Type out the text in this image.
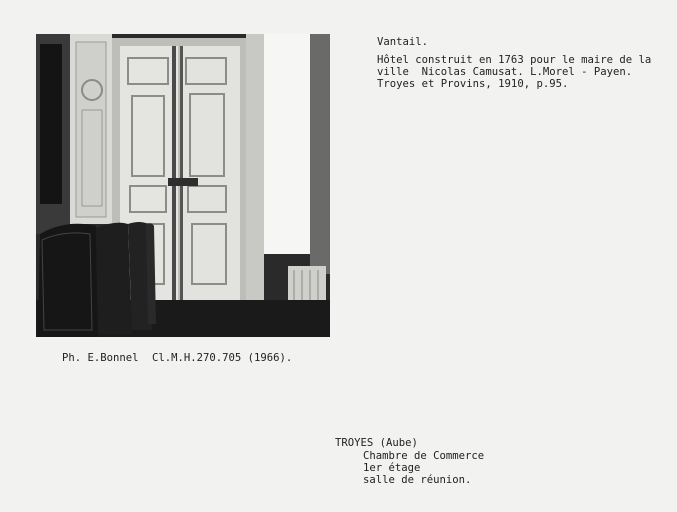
Vantail.
Hôtel construit en 1763 pour le maire de la
ville  Nicolas Camusat. L.Morel - Payen.
Troyes et Provins, 1910, p.95.
Ph. E.Bonnel Cl.M.H.270.705 (1966).
TROYES (Aube)
Chambre de Commerce
1er étage
salle de réunion.
